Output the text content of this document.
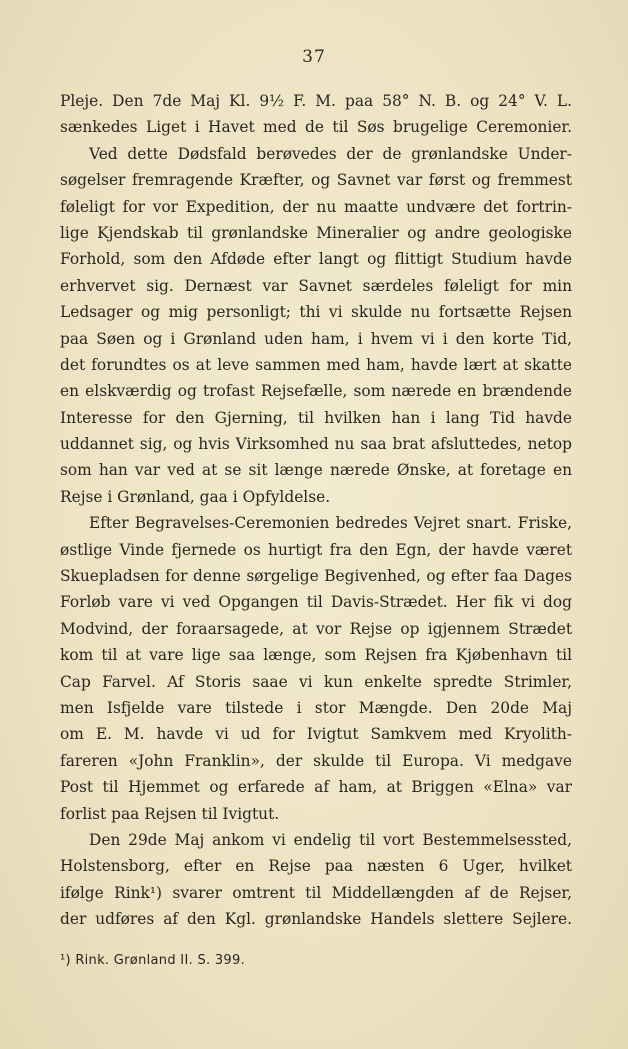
37
Pleje. Den 7de Maj Kl. 9½ F. M. paa 58° N. B. og 24° V. L.
sænkedes Liget i Havet med de til Søs brugelige Ceremonier.
Ved dette Dødsfald berøvedes der de grønlandske Under-
søgelser fremragende Kræfter, og Savnet var først og fremmest
føleligt for vor Expedition, der nu maatte undvære det fortrin-
lige Kjendskab til grønlandske Mineralier og andre geologiske
Forhold, som den Afdøde efter langt og flittigt Studium havde
erhvervet sig. Dernæst var Savnet særdeles føleligt for min
Ledsager og mig personligt; thi vi skulde nu fortsætte Rejsen
paa Søen og i Grønland uden ham, i hvem vi i den korte Tid,
det forundtes os at leve sammen med ham, havde lært at skatte
en elskværdig og trofast Rejsefælle, som nærede en brændende
Interesse for den Gjerning, til hvilken han i lang Tid havde
uddannet sig, og hvis Virksomhed nu saa brat afsluttedes, netop
som han var ved at se sit længe nærede Ønske, at foretage en
Rejse i Grønland, gaa i Opfyldelse.
Efter Begravelses-Ceremonien bedredes Vejret snart. Friske,
østlige Vinde fjernede os hurtigt fra den Egn, der havde været
Skuepladsen for denne sørgelige Begivenhed, og efter faa Dages
Forløb vare vi ved Opgangen til Davis-Strædet. Her fik vi dog
Modvind, der foraarsagede, at vor Rejse op igjennem Strædet
kom til at vare lige saa længe, som Rejsen fra Kjøbenhavn til
Cap Farvel. Af Storis saae vi kun enkelte spredte Strimler,
men Isfjelde vare tilstede i stor Mængde. Den 20de Maj
om E. M. havde vi ud for Ivigtut Samkvem med Kryolith-
fareren «John Franklin», der skulde til Europa. Vi medgave
Post til Hjemmet og erfarede af ham, at Briggen «Elna» var
forlist paa Rejsen til Ivigtut.
Den 29de Maj ankom vi endelig til vort Bestemmelsessted,
Holstensborg, efter en Rejse paa næsten 6 Uger, hvilket
ifølge Rink¹) svarer omtrent til Middellængden af de Rejser,
der udføres af den Kgl. grønlandske Handels slettere Sejlere.
¹) Rink. Grønland II. S. 399.
